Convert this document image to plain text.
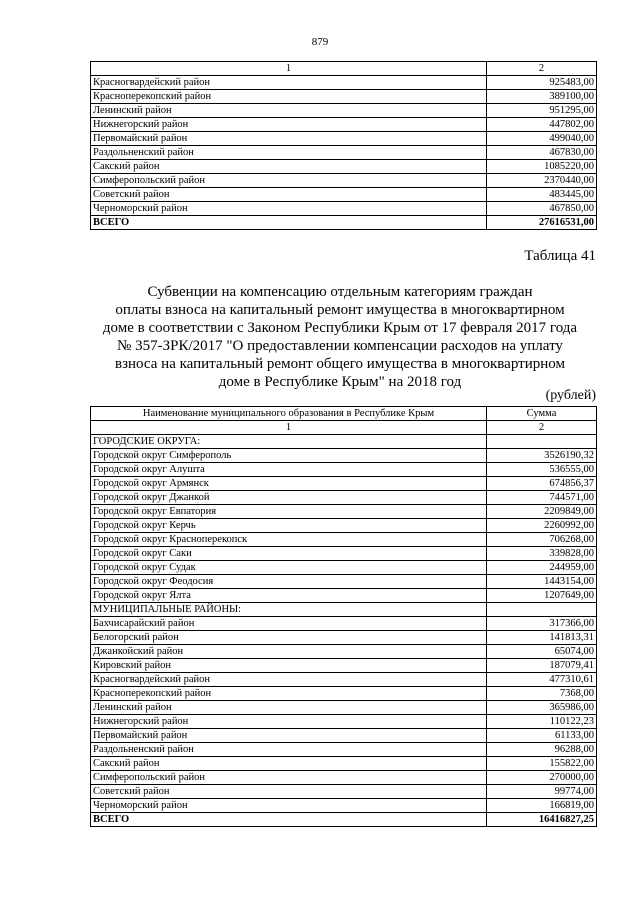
879
1	2
Красногвардейский район	925483,00
Красноперекопский район	389100,00
Ленинский район	951295,00
Нижнегорский район	447802,00
Первомайский район	499040,00
Раздольненский район	467830,00
Сакский район	1085220,00
Симферопольский район	2370440,00
Советский район	483445,00
Черноморский район	467850,00
ВСЕГО	27616531,00
Таблица 41
Субвенции на компенсацию отдельным категориям граждан
оплаты взноса на капитальный ремонт имущества в многоквартирном
доме в соответствии с Законом Республики Крым от 17 февраля 2017 года
№ 357-ЗРК/2017 "О предоставлении компенсации расходов на уплату
взноса на капитальный ремонт общего имущества в многоквартирном
доме в Республике Крым" на 2018 год
(рублей)
Наименование муниципального образования в Республике Крым	Сумма
1	2
ГОРОДСКИЕ ОКРУГА:	
Городской округ Симферополь	3526190,32
Городской округ Алушта	536555,00
Городской округ Армянск	674856,37
Городской округ Джанкой	744571,00
Городской округ Евпатория	2209849,00
Городской округ Керчь	2260992,00
Городской округ Красноперекопск	706268,00
Городской округ Саки	339828,00
Городской округ Судак	244959,00
Городской округ Феодосия	1443154,00
Городской округ Ялта	1207649,00
МУНИЦИПАЛЬНЫЕ РАЙОНЫ:	
Бахчисарайский район	317366,00
Белогорский район	141813,31
Джанкойский район	65074,00
Кировский район	187079,41
Красногвардейский район	477310,61
Красноперекопский район	7368,00
Ленинский район	365986,00
Нижнегорский район	110122,23
Первомайский район	61133,00
Раздольненский район	96288,00
Сакский район	155822,00
Симферопольский район	270000,00
Советский район	99774,00
Черноморский район	166819,00
ВСЕГО	16416827,25
